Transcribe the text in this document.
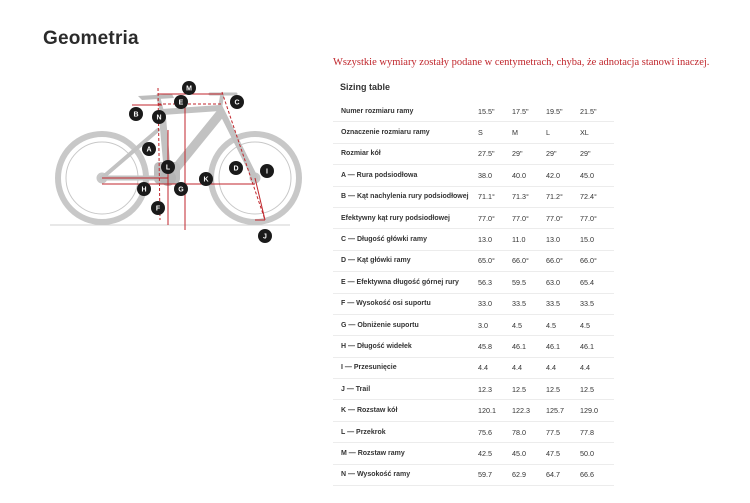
Geometria
M
E	C
B	N
A
L	D	I
K
H	G
F
J
Wszystkie wymiary zostały podane w centymetrach, chyba, że adnotacja stanowi inaczej.
Sizing table
Numer rozmiaru ramy	15.5"	17.5"	19.5"	21.5"
Oznaczenie rozmiaru ramy	S	M	L	XL
Rozmiar kół	27.5"	29"	29"	29"
A — Rura podsiodłowa	38.0	40.0	42.0	45.0
B — Kąt nachylenia rury podsiodłowej	71.1°	71.3°	71.2°	72.4°
Efektywny kąt rury podsiodłowej	77.0°	77.0°	77.0°	77.0°
C — Długość główki ramy	13.0	11.0	13.0	15.0
D — Kąt główki ramy	65.0°	66.0°	66.0°	66.0°
E — Efektywna długość górnej rury	56.3	59.5	63.0	65.4
F — Wysokość osi suportu	33.0	33.5	33.5	33.5
G — Obniżenie suportu	3.0	4.5	4.5	4.5
H — Długość widełek	45.8	46.1	46.1	46.1
I — Przesunięcie	4.4	4.4	4.4	4.4
J — Trail	12.3	12.5	12.5	12.5
K — Rozstaw kół	120.1	122.3	125.7	129.0
L — Przekrok	75.6	78.0	77.5	77.8
M — Rozstaw ramy	42.5	45.0	47.5	50.0
N — Wysokość ramy	59.7	62.9	64.7	66.6
